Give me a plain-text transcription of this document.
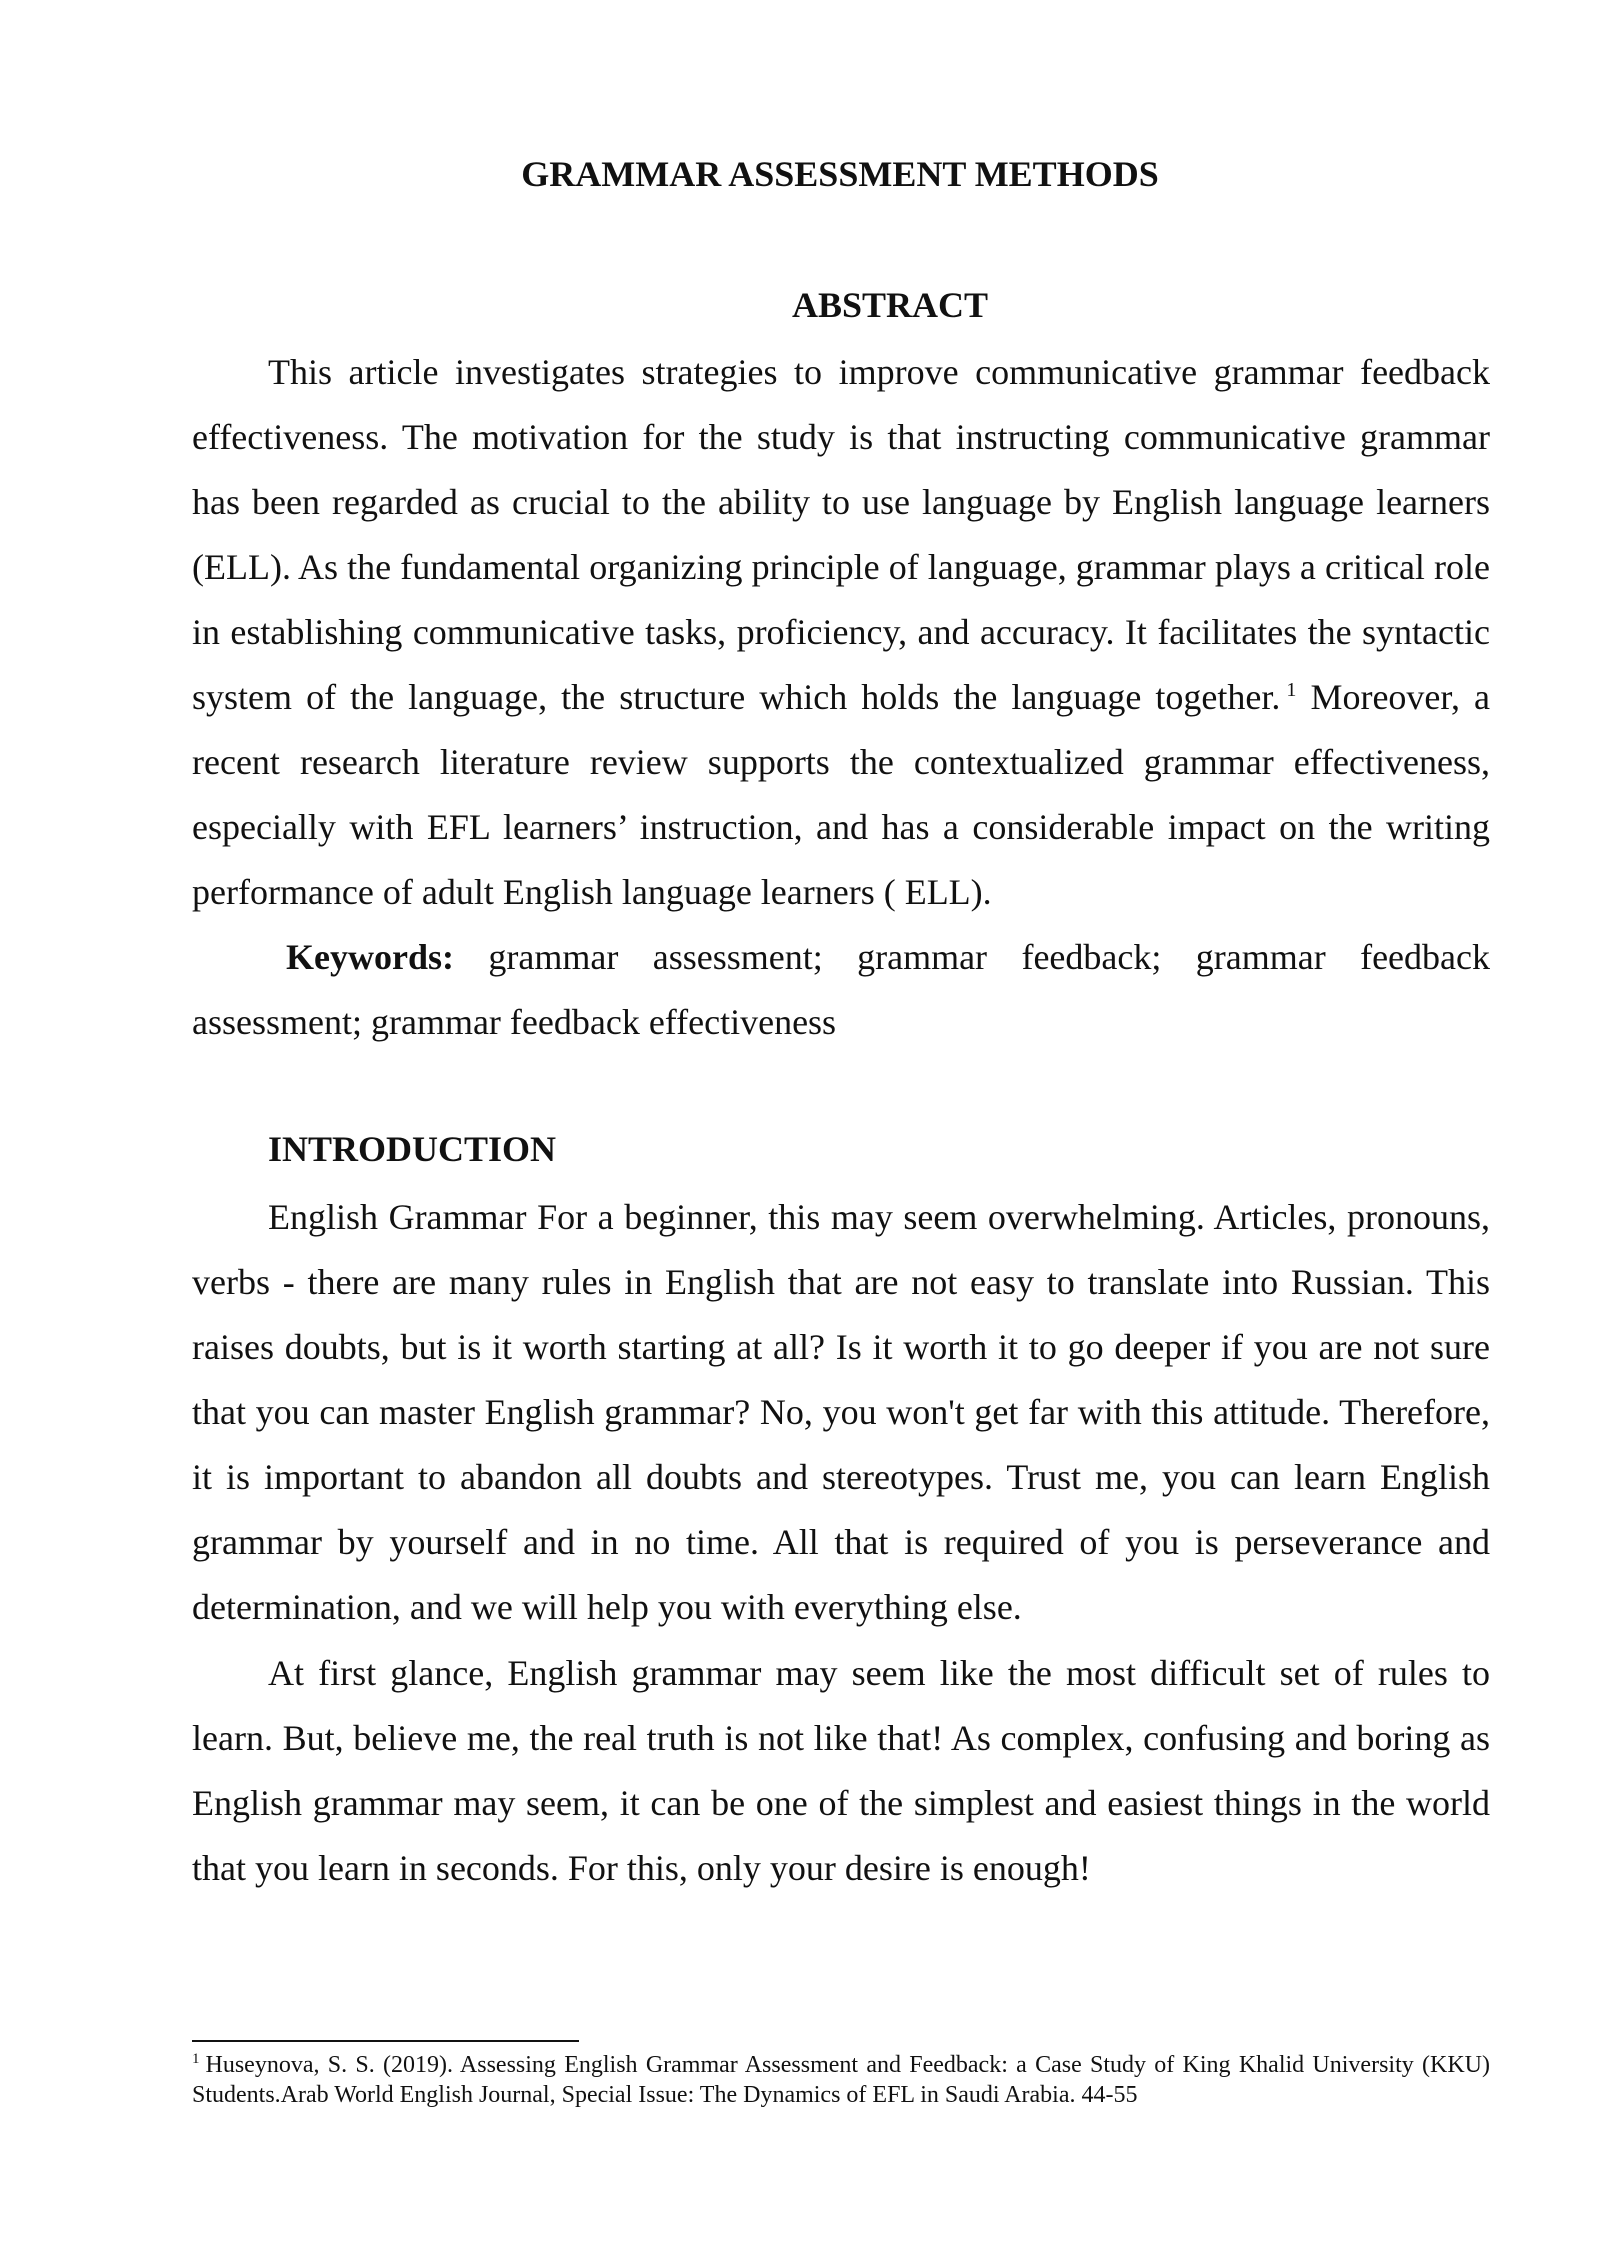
GRAMMAR ASSESSMENT METHODS
ABSTRACT

This article investigates strategies to improve communicative grammar feedback effectiveness. The motivation for the study is that instructing communicative grammar has been regarded as crucial to the ability to use language by English language learners (ELL). As the fundamental organizing principle of language, grammar plays a critical role in establishing communicative tasks, proficiency, and accuracy. It facilitates the syntactic system of the language, the structure which holds the language together. $^1$ Moreover, a recent research literature review supports the contextualized grammar effectiveness, especially with EFL learners’ instruction, and has a considerable impact on the writing performance of adult English language learners ( ELL).

Keywords: grammar assessment; grammar feedback; grammar feedback assessment; grammar feedback effectiveness

INTRODUCTION

English Grammar For a beginner, this may seem overwhelming. Articles, pronouns, verbs - there are many rules in English that are not easy to translate into Russian. This raises doubts, but is it worth starting at all? Is it worth it to go deeper if you are not sure that you can master English grammar? No, you won't get far with this attitude. Therefore, it is important to abandon all doubts and stereotypes. Trust me, you can learn English grammar by yourself and in no time. All that is required of you is perseverance and determination, and we will help you with everything else.

At first glance, English grammar may seem like the most difficult set of rules to learn. But, believe me, the real truth is not like that! As complex, confusing and boring as English grammar may seem, it can be one of the simplest and easiest things in the world that you learn in seconds. For this, only your desire is enough!

$^1$ Huseynova, S. S. (2019). Assessing English Grammar Assessment and Feedback: a Case Study of King Khalid University (KKU) Students.Arab World English Journal, Special Issue: The Dynamics of EFL in Saudi Arabia. 44-55
